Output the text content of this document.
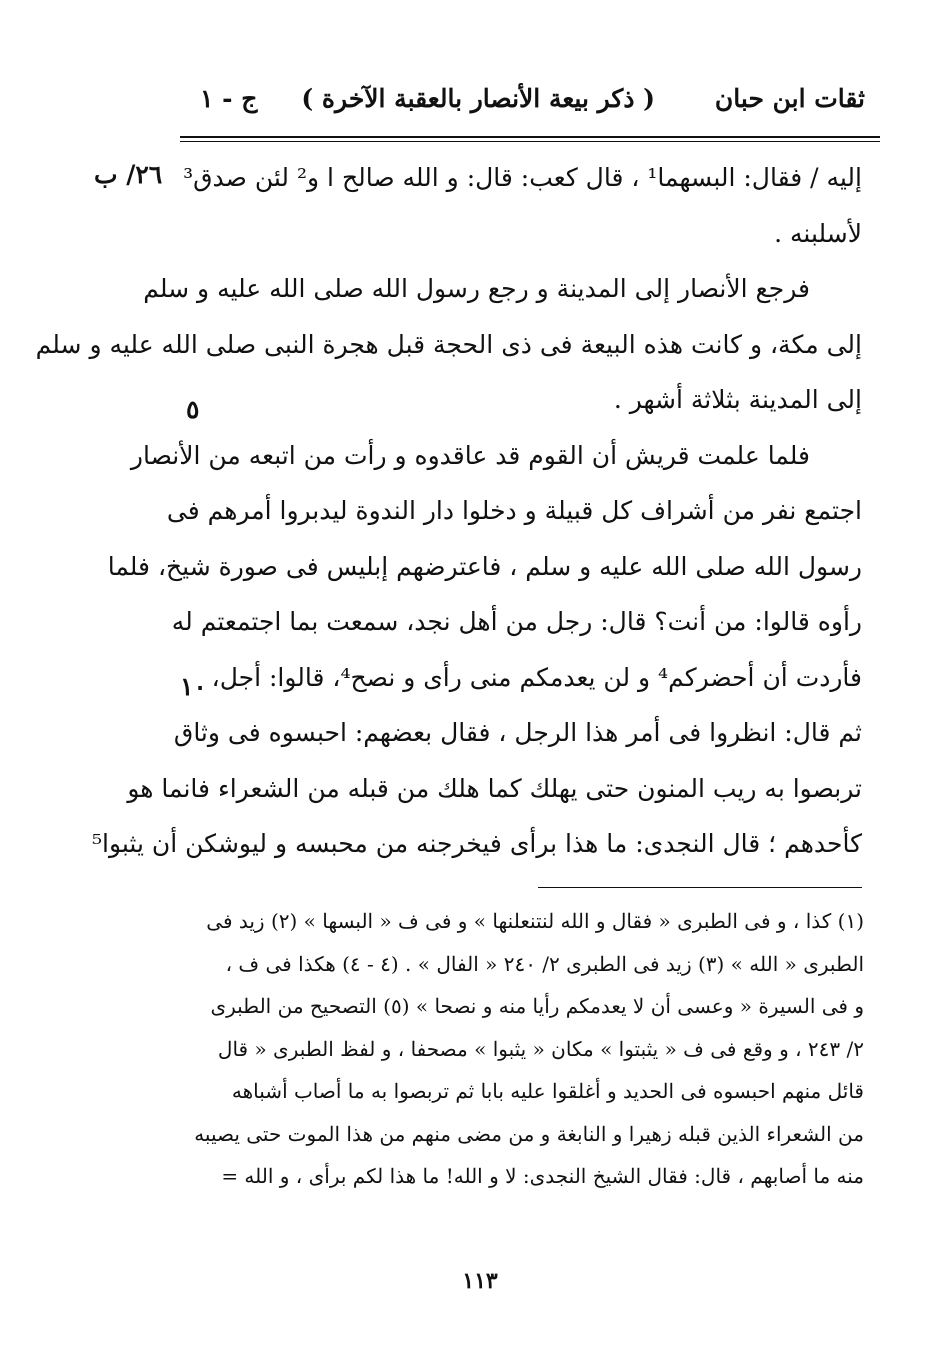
ثقات ابن حبان
( ذكر بيعة الأنصار بالعقبة الآخرة )
ج - ١
٢٦/ ب
٥
١٠
إليه / فقال: البسهما¹ ، قال كعب: قال: و الله صالح ا و² لئن صدق³
لأسلبنه .
فرجع الأنصار إلى المدينة و رجع رسول الله صلى الله عليه و سلم
إلى مكة، و كانت هذه البيعة فى ذى الحجة قبل هجرة النبى صلى الله عليه و سلم
إلى المدينة بثلاثة أشهر .
فلما علمت قريش أن القوم قد عاقدوه و رأت من اتبعه من الأنصار
اجتمع نفر من أشراف كل قبيلة و دخلوا دار الندوة ليدبروا أمرهم فى
رسول الله صلى الله عليه و سلم ، فاعترضهم إبليس فى صورة شيخ، فلما
رأوه قالوا: من أنت؟ قال: رجل من أهل نجد، سمعت بما اجتمعتم له
فأردت أن أحضركم⁴ و لن يعدمكم منى رأى و نصح⁴، قالوا: أجل،
ثم قال: انظروا فى أمر هذا الرجل ، فقال بعضهم: احبسوه فى وثاق
تربصوا به ريب المنون حتى يهلك كما هلك من قبله من الشعراء فانما هو
كأحدهم ؛ قال النجدى: ما هذا برأى فيخرجنه من محبسه و ليوشكن أن يثبوا⁵
(١) كذا ، و فى الطبرى « فقال و الله لنتنعلنها » و فى ف « البسها » (٢) زيد فى
الطبرى « الله » (٣) زيد فى الطبرى ٢/ ٢٤٠ « الفال » . (٤ - ٤) هكذا فى ف ،
و فى السيرة « وعسى أن لا يعدمكم رأيا منه و نصحا » (٥) التصحيح من الطبرى
٢/ ٢٤٣ ، و وقع فى ف « يثبتوا » مكان « يثبوا » مصحفا ، و لفظ الطبرى « قال
قائل منهم احبسوه فى الحديد و أغلقوا عليه بابا ثم تربصوا به ما أصاب أشباهه
من الشعراء الذين قبله زهيرا و النابغة و من مضى منهم من هذا الموت حتى يصيبه
منه ما أصابهم ، قال: فقال الشيخ النجدى: لا و الله! ما هذا لكم برأى ، و الله =
١١٣
